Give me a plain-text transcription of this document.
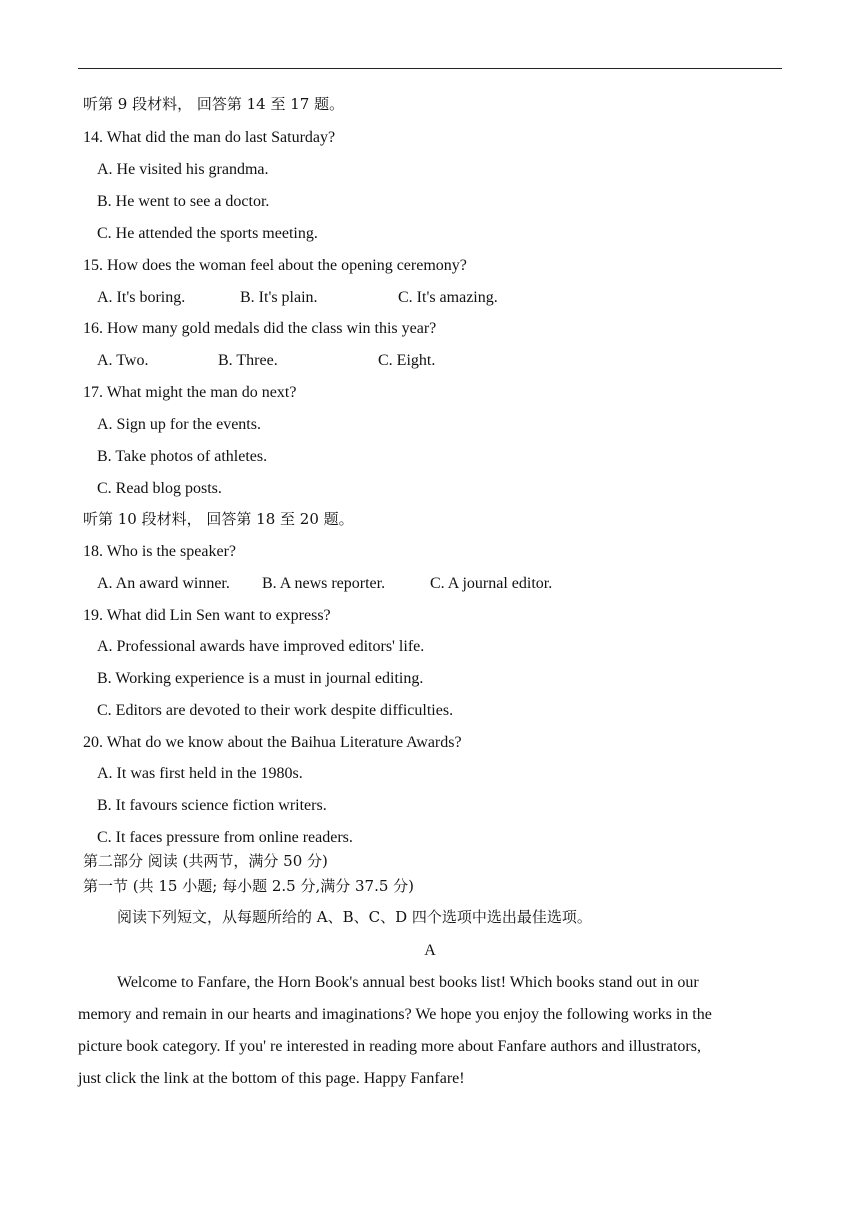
听第 9 段材料， 回答第 14 至 17 题。
14. What did the man do last Saturday?
A. He visited his grandma.
B. He went to see a doctor.
C. He attended the sports meeting.
15. How does the woman feel about the opening ceremony?
A. It's boring.	B. It's plain.	C. It's amazing.
16. How many gold medals did the class win this year?
A. Two.	B. Three.	C. Eight.
17. What might the man do next?
A. Sign up for the events.
B. Take photos of athletes.
C. Read blog posts.
听第 10 段材料， 回答第 18 至 20 题。
18. Who is the speaker?
A. An award winner. B. A news reporter.	C. A journal editor.
19. What did Lin Sen want to express?
A. Professional awards have improved editors' life.
B. Working experience is a must in journal editing.
C. Editors are devoted to their work despite difficulties.
20. What do we know about the Baihua Literature Awards?
A. It was first held in the 1980s.
B. It favours science fiction writers.
C. It faces pressure from online readers.
第二部分 阅读 (共两节，满分 50 分)
第一节 (共 15 小题; 每小题 2.5 分,满分 37.5 分)
阅读下列短文，从每题所给的 A、B、C、D 四个选项中选出最佳选项。
A
Welcome to Fanfare, the Horn Book's annual best books list! Which books stand out in our
memory and remain in our hearts and imaginations? We hope you enjoy the following works in the
picture book category. If you' re interested in reading more about Fanfare authors and illustrators,
just click the link at the bottom of this page. Happy Fanfare!
